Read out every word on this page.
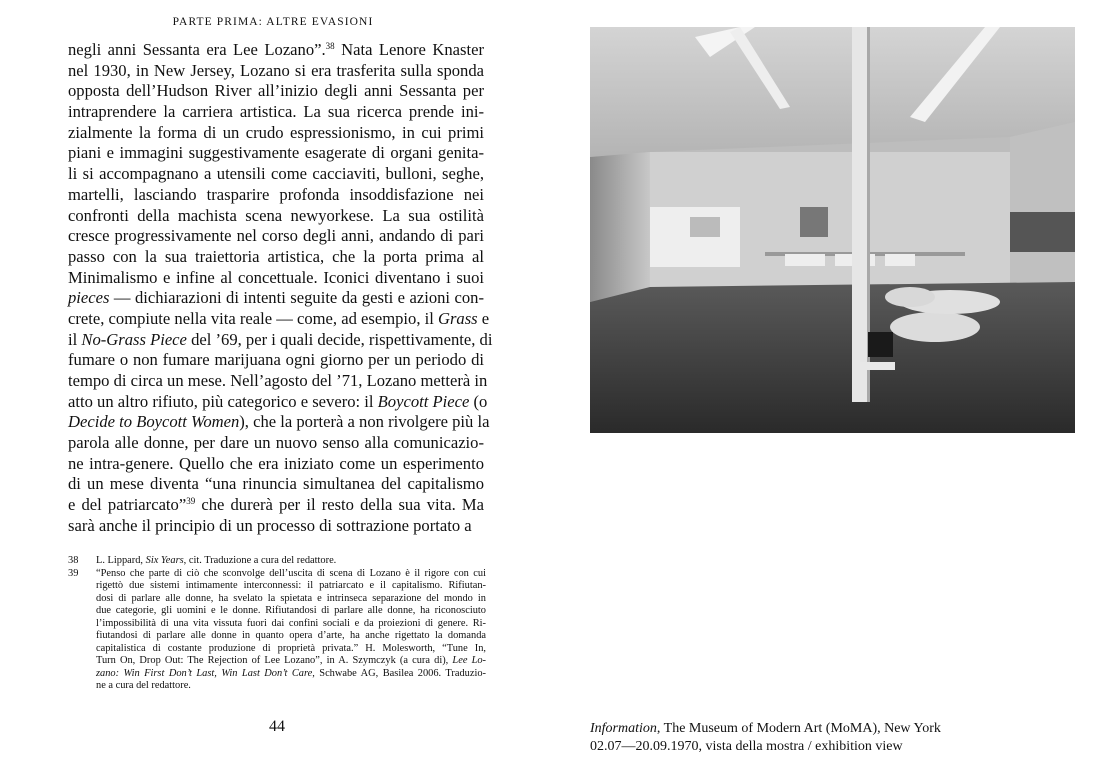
PARTE PRIMA: ALTRE EVASIONI
negli anni Sessanta era Lee Lozano”.$^{38}$ Nata Lenore Knaster
nel 1930, in New Jersey, Lozano si era trasferita sulla sponda
opposta dell’Hudson River all’inizio degli anni Sessanta per
intraprendere la carriera artistica. La sua ricerca prende ini-
zialmente la forma di un crudo espressionismo, in cui primi
piani e immagini suggestivamente esagerate di organi genita-
li si accompagnano a utensili come cacciaviti, bulloni, seghe,
martelli, lasciando trasparire profonda insoddisfazione nei
confronti della machista scena newyorkese. La sua ostilità
cresce progressivamente nel corso degli anni, andando di pari
passo con la sua traiettoria artistica, che la porta prima al
Minimalismo e infine al concettuale. Iconici diventano i suoi
pieces — dichiarazioni di intenti seguite da gesti e azioni con-
crete, compiute nella vita reale — come, ad esempio, il Grass e
il No-Grass Piece del ’69, per i quali decide, rispettivamente, di
fumare o non fumare marijuana ogni giorno per un periodo di
tempo di circa un mese. Nell’agosto del ’71, Lozano metterà in
atto un altro rifiuto, più categorico e severo: il Boycott Piece (o
Decide to Boycott Women), che la porterà a non rivolgere più la
parola alle donne, per dare un nuovo senso alla comunicazio-
ne intra-genere. Quello che era iniziato come un esperimento
di un mese diventa “una rinuncia simultanea del capitalismo
e del patriarcato”$^{39}$ che durerà per il resto della sua vita. Ma
sarà anche il principio di un processo di sottrazione portato a
38	L. Lippard, Six Years, cit. Traduzione a cura del redattore.
39	“Penso che parte di ciò che sconvolge dell’uscita di scena di Lozano è il rigore con cui
rigettò due sistemi intimamente interconnessi: il patriarcato e il capitalismo. Rifiutan-
dosi di parlare alle donne, ha svelato la spietata e intrinseca separazione del mondo in
due categorie, gli uomini e le donne. Rifiutandosi di parlare alle donne, ha riconosciuto
l’impossibilità di una vita vissuta fuori dai confini sociali e da proiezioni di genere. Ri-
fiutandosi di parlare alle donne in quanto opera d’arte, ha anche rigettato la domanda
capitalistica di costante produzione di proprietà privata.” H. Molesworth, “Tune In,
Turn On, Drop Out: The Rejection of Lee Lozano”, in A. Szymczyk (a cura di), Lee Lo-
zano: Win First Don’t Last, Win Last Don’t Care, Schwabe AG, Basilea 2006. Traduzio-
ne a cura del redattore.
44	Information, The Museum of Modern Art (MoMA), New York
02.07—20.09.1970, vista della mostra / exhibition view
